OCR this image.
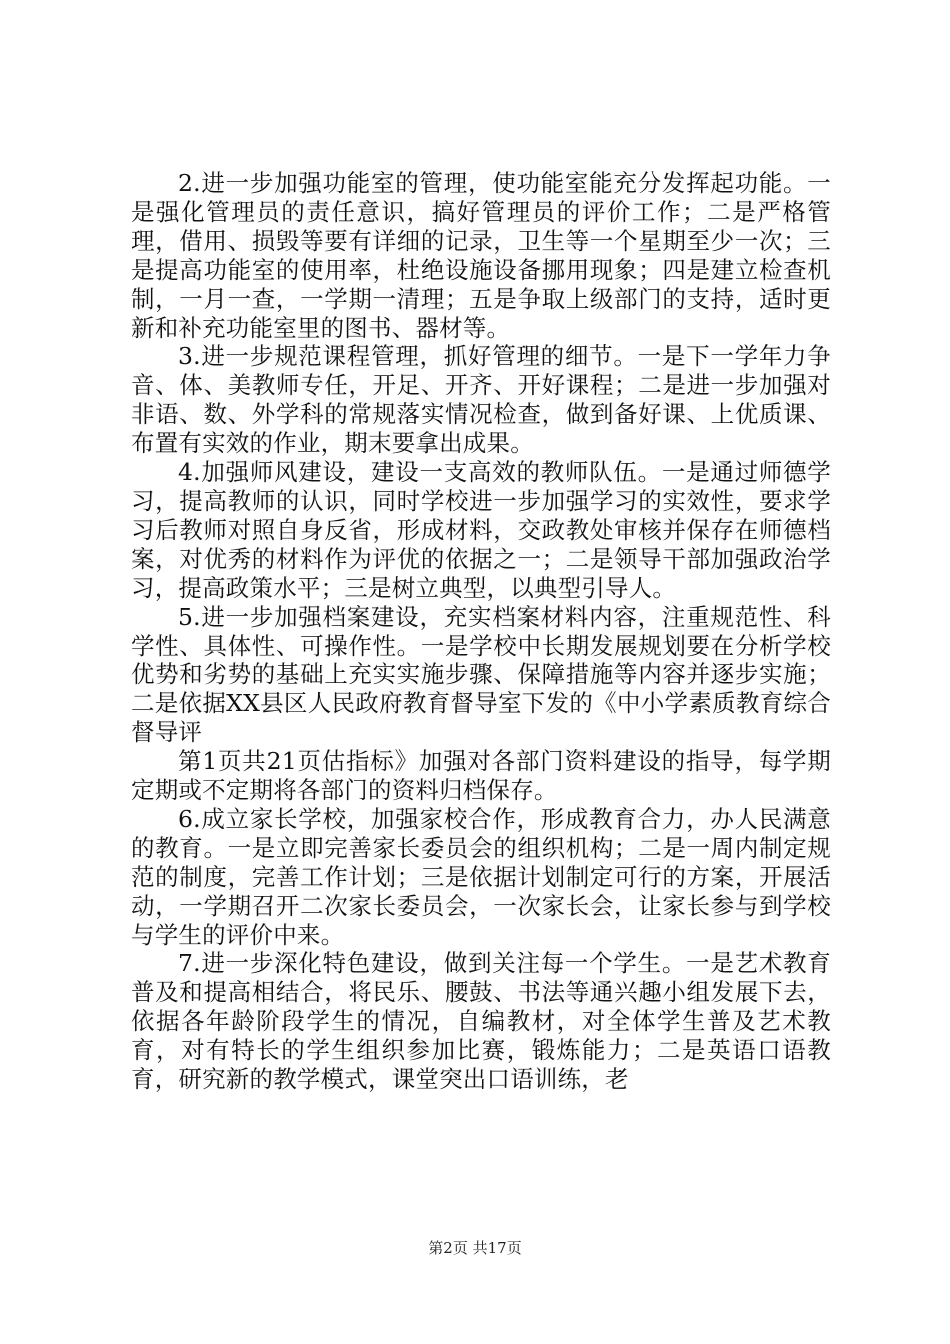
2.进一步加强功能室的管理，使功能室能充分发挥起功能。一是强化管理员的责任意识，搞好管理员的评价工作；二是严格管理，借用、损毁等要有详细的记录，卫生等一个星期至少一次；三是提高功能室的使用率，杜绝设施设备挪用现象；四是建立检查机制，一月一查，一学期一清理；五是争取上级部门的支持，适时更新和补充功能室里的图书、器材等。

3.进一步规范课程管理，抓好管理的细节。一是下一学年力争音、体、美教师专任，开足、开齐、开好课程；二是进一步加强对非语、数、外学科的常规落实情况检查，做到备好课、上优质课、布置有实效的作业，期末要拿出成果。

4.加强师风建设，建设一支高效的教师队伍。一是通过师德学习，提高教师的认识，同时学校进一步加强学习的实效性，要求学习后教师对照自身反省，形成材料，交政教处审核并保存在师德档案，对优秀的材料作为评优的依据之一；二是领导干部加强政治学习，提高政策水平；三是树立典型，以典型引导人。

5.进一步加强档案建设，充实档案材料内容，注重规范性、科学性、具体性、可操作性。一是学校中长期发展规划要在分析学校优势和劣势的基础上充实实施步骤、保障措施等内容并逐步实施；二是依据XX县区人民政府教育督导室下发的《中小学素质教育综合督导评

第1页共21页估指标》加强对各部门资料建设的指导，每学期定期或不定期将各部门的资料归档保存。

6.成立家长学校，加强家校合作，形成教育合力，办人民满意的教育。一是立即完善家长委员会的组织机构；二是一周内制定规范的制度，完善工作计划；三是依据计划制定可行的方案，开展活动，一学期召开二次家长委员会，一次家长会，让家长参与到学校与学生的评价中来。

7.进一步深化特色建设，做到关注每一个学生。一是艺术教育普及和提高相结合，将民乐、腰鼓、书法等通兴趣小组发展下去，依据各年龄阶段学生的情况，自编教材，对全体学生普及艺术教育，对有特长的学生组织参加比赛，锻炼能力；二是英语口语教育，研究新的教学模式，课堂突出口语训练，老

第2页 共17页
